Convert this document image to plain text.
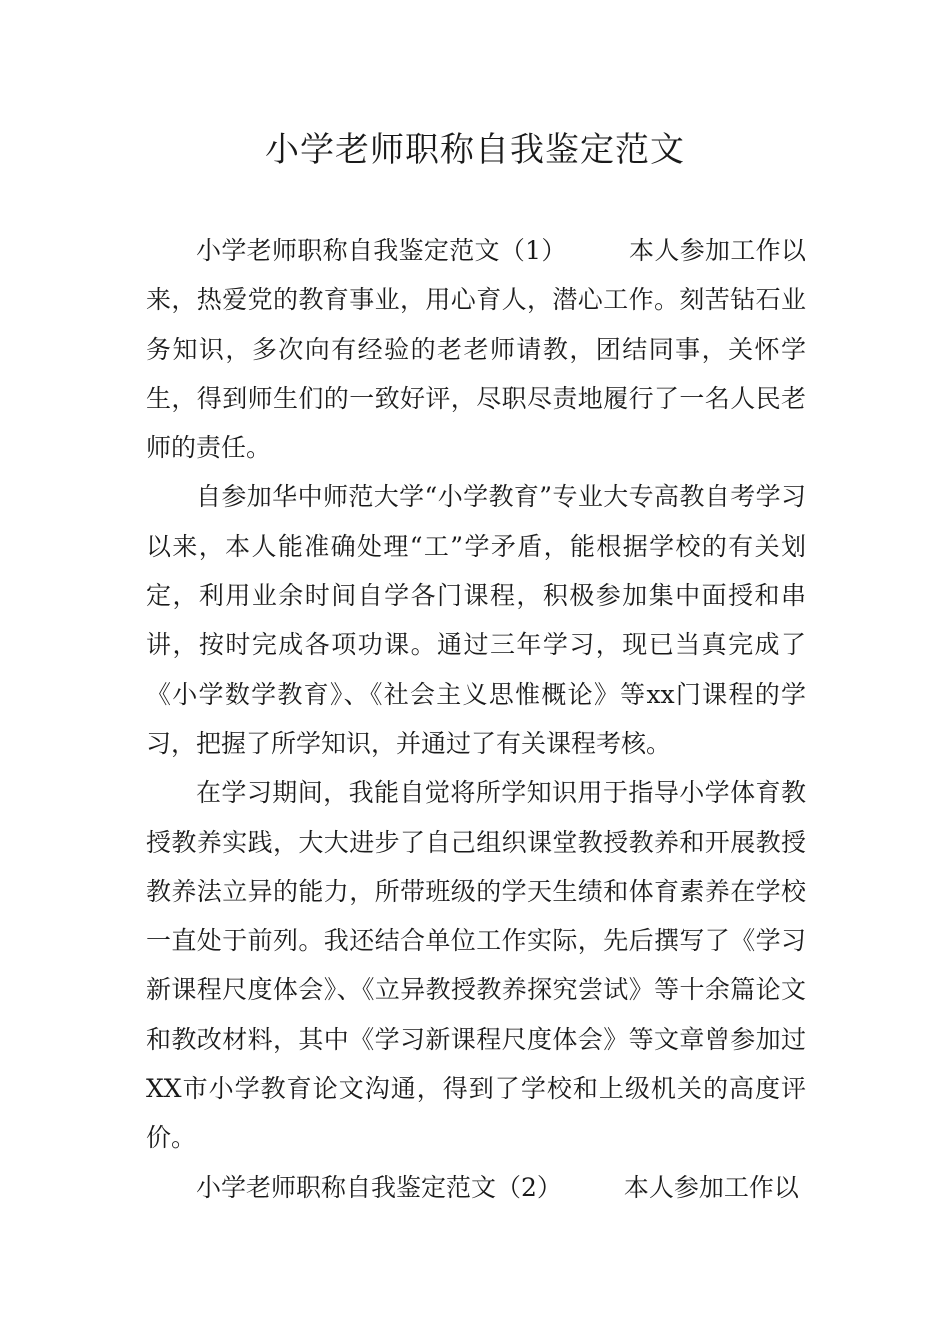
小学老师职称自我鉴定范文

小学老师职称自我鉴定范文（1） 本人参加工作以来，热爱党的教育事业，用心育人，潜心工作。刻苦钻石业务知识，多次向有经验的老老师请教，团结同事，关怀学生，得到师生们的一致好评，尽职尽责地履行了一名人民老师的责任。

自参加华中师范大学“小学教育”专业大专高教自考学习以来，本人能准确处理“工”学矛盾，能根据学校的有关划定，利用业余时间自学各门课程，积极参加集中面授和串讲，按时完成各项功课。通过三年学习，现已当真完成了《小学数学教育》、《社会主义思惟概论》等xx门课程的学习，把握了所学知识，并通过了有关课程考核。

在学习期间，我能自觉将所学知识用于指导小学体育教授教养实践，大大进步了自己组织课堂教授教养和开展教授教养法立异的能力，所带班级的学天生绩和体育素养在学校一直处于前列。我还结合单位工作实际，先后撰写了《学习新课程尺度体会》、《立异教授教养探究尝试》等十余篇论文和教改材料，其中《学习新课程尺度体会》等文章曾参加过XX市小学教育论文沟通，得到了学校和上级机关的高度评价。

小学老师职称自我鉴定范文（2） 本人参加工作以
